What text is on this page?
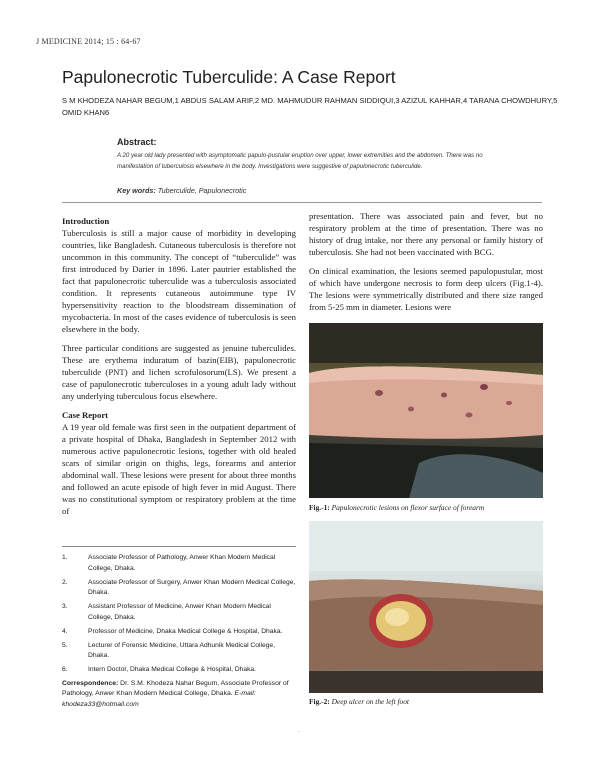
J MEDICINE 2014; 15 : 64-67
Papulonecrotic Tuberculide: A Case Report
S M KHODEZA NAHAR BEGUM,1 ABDUS SALAM ARIF,2 MD. MAHMUDUR RAHMAN SIDDIQUI,3 AZIZUL KAHHAR,4 TARANA CHOWDHURY,5 OMID KHAN6
Abstract:
A 20 year old lady presented with asymptomatic papulo-pustular eruption over upper, lower extremities and the abdomen. There was no manifestation of tuberculosis elsewhere in the body. Investigations were suggestive of papulonecrotic tuberculide.
Key words: Tuberculide, Papulonecrotic
Introduction

Tuberculosis is still a major cause of morbidity in developing countries, like Bangladesh. Cutaneous tuberculosis is therefore not uncommon in this community. The concept of “tuberculide” was first introduced by Darier in 1896. Later pautrier established the fact that papulonecrotic tuberculide was a tuberculosis associated condition. It represents cutaneous autoimmune type IV hypersensitivity reaction to the bloodstream dissemination of mycobacteria. In most of the cases evidence of tuberculosis is seen elsewhere in the body.

Three particular conditions are suggested as jenuine tuberculides. These are erythema induratum of bazin(EIB), papulonecrotic tuberculide (PNT) and lichen scrofulosorum(LS). We present a case of papulonecrotic tuberculoses in a young adult lady without any underlying tuberculous focus elsewhere.

Case Report

A 19 year old female was first seen in the outpatient department of a private hospital of Dhaka, Bangladesh in September 2012 with numerous active papulonecrotic lesions, together with old healed scars of similar origin on thighs, legs, forearms and anterior abdominal wall. These lesions were present for about three months and followed an acute episode of high fever in mid August. There was no constitutional symptom or respiratory problem at the time of

1.	Associate Professor of Pathology, Anwer Khan Modern Medical College, Dhaka.
2.	Associate Professor of Surgery, Anwer Khan Modern Medical College, Dhaka.
3.	Assistant Professor of Medicine, Anwer Khan Modern Medical College, Dhaka.
4.	Professor of Medicine, Dhaka Medical College & Hospital, Dhaka.
5.	Lecturer of Forensic Medicine, Uttara Adhunik Medical College, Dhaka.
6.	Intern Doctor, Dhaka Medical College & Hospital, Dhaka.
Correspondence: Dr. S.M. Khodeza Nahar Begum, Associate Professor of Pathology, Anwer Khan Modern Medical College, Dhaka. E-mail: khodeza33@hotmail.com

presentation. There was associated pain and fever, but no respiratory problem at the time of presentation. There was no history of drug intake, nor there any personal or family history of tuberculosis. She had not been vaccinated with BCG.

On clinical examination, the lesions seemed papulopustular, most of which have undergone necrosis to form deep ulcers (Fig.1-4). The lesions were symmetrically distributed and there size ranged from 5-25 mm in diameter. Lesions were

Fig.-1: Papulonecrotic lesions on flexor surface of forearm
Fig.-2: Deep ulcer on the left foot
.
